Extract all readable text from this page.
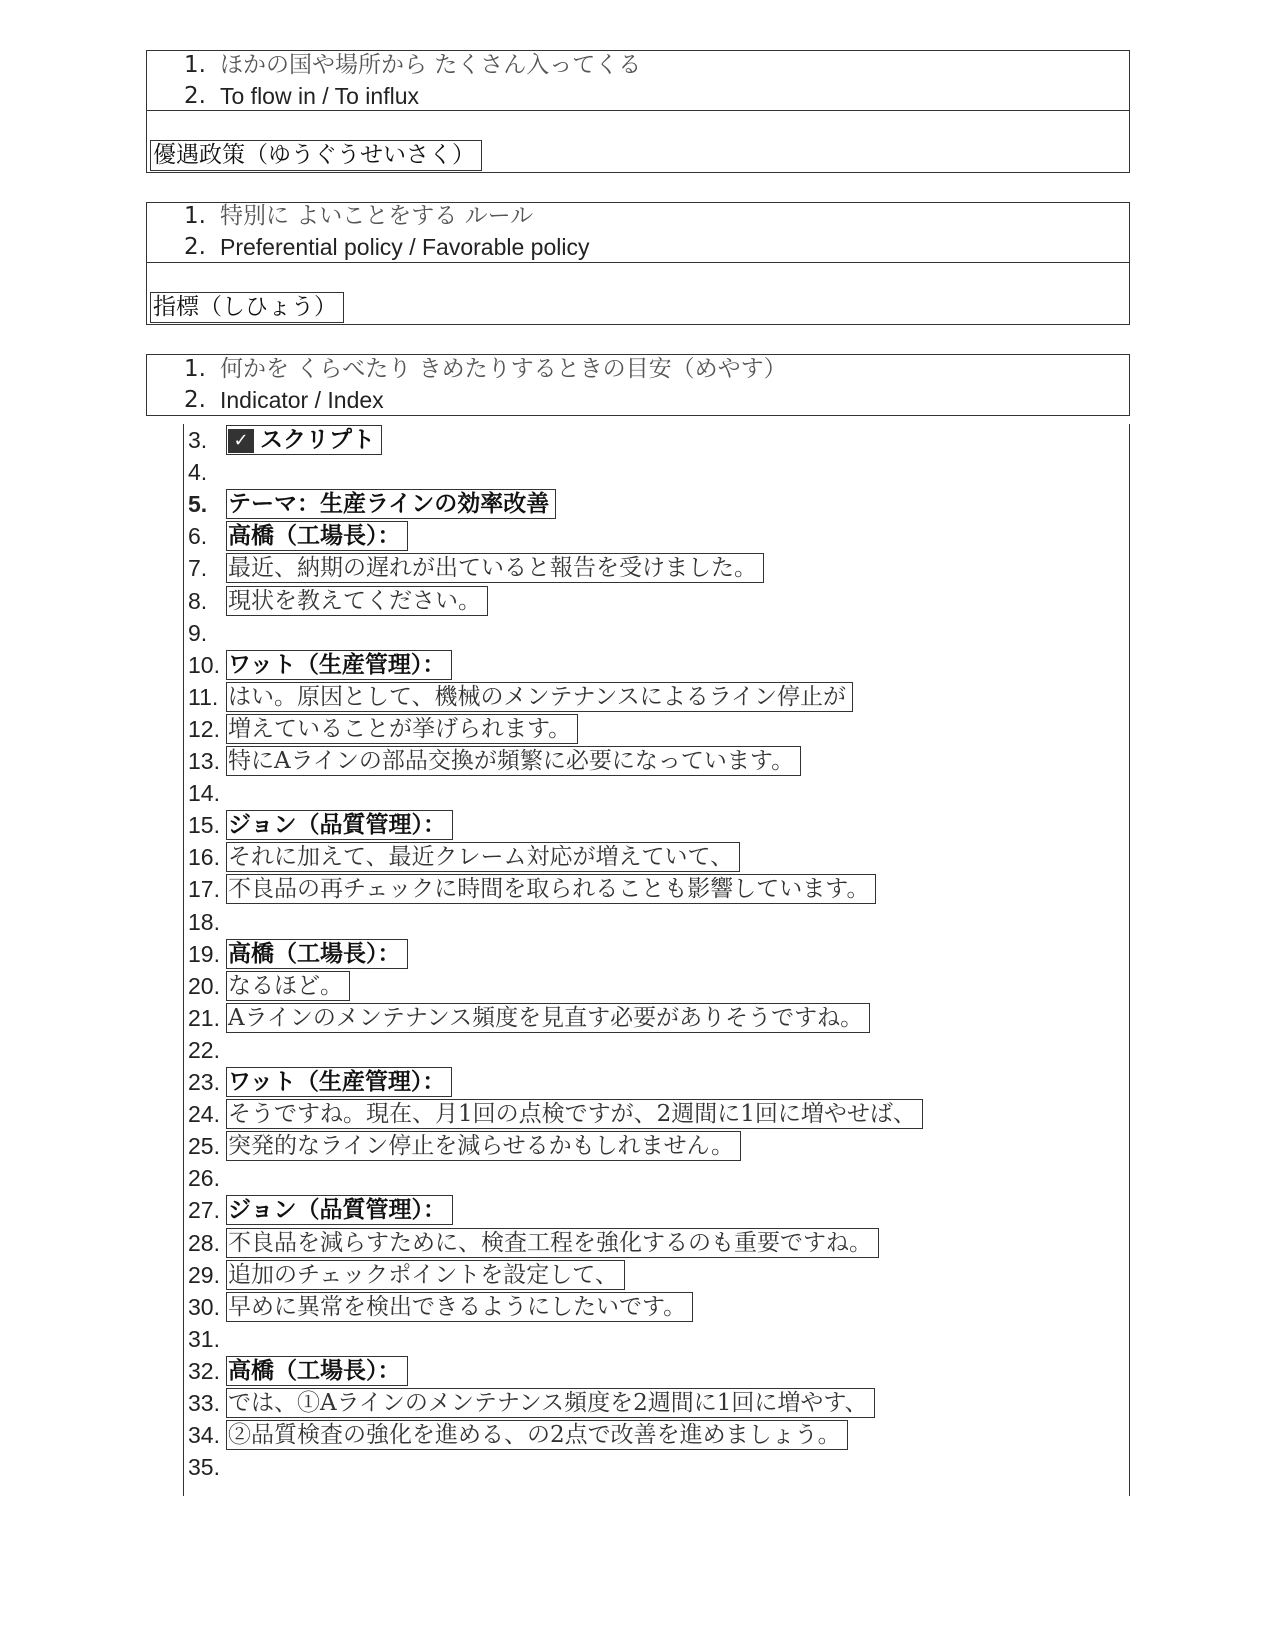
1. ほかの国や場所から たくさん入ってくる
2. To flow in / To influx
優遇政策（ゆうぐうせいさく）
1. 特別に よいことをする ルール
2. Preferential policy / Favorable policy
指標（しひょう）
1. 何かを くらべたり きめたりするときの目安（めやす）
2. Indicator / Index
3.	✓ スクリプト
4.
5. テーマ：生産ラインの効率改善
6. 高橋（工場長）：
7. 最近、納期の遅れが出ていると報告を受けました。
8. 現状を教えてください。
9.
10. ワット（生産管理）：
11. はい。原因として、機械のメンテナンスによるライン停止が
12. 増えていることが挙げられます。
13. 特にAラインの部品交換が頻繁に必要になっています。
14.
15. ジョン（品質管理）：
16. それに加えて、最近クレーム対応が増えていて、
17. 不良品の再チェックに時間を取られることも影響しています。
18.
19. 高橋（工場長）：
20. なるほど。
21. Aラインのメンテナンス頻度を見直す必要がありそうですね。
22.
23. ワット（生産管理）：
24. そうですね。現在、月1回の点検ですが、2週間に1回に増やせば、
25. 突発的なライン停止を減らせるかもしれません。
26.
27. ジョン（品質管理）：
28. 不良品を減らすために、検査工程を強化するのも重要ですね。
29. 追加のチェックポイントを設定して、
30. 早めに異常を検出できるようにしたいです。
31.
32. 高橋（工場長）：
33. では、①Aラインのメンテナンス頻度を2週間に1回に増やす、
34. ②品質検査の強化を進める、の2点で改善を進めましょう。
35.
